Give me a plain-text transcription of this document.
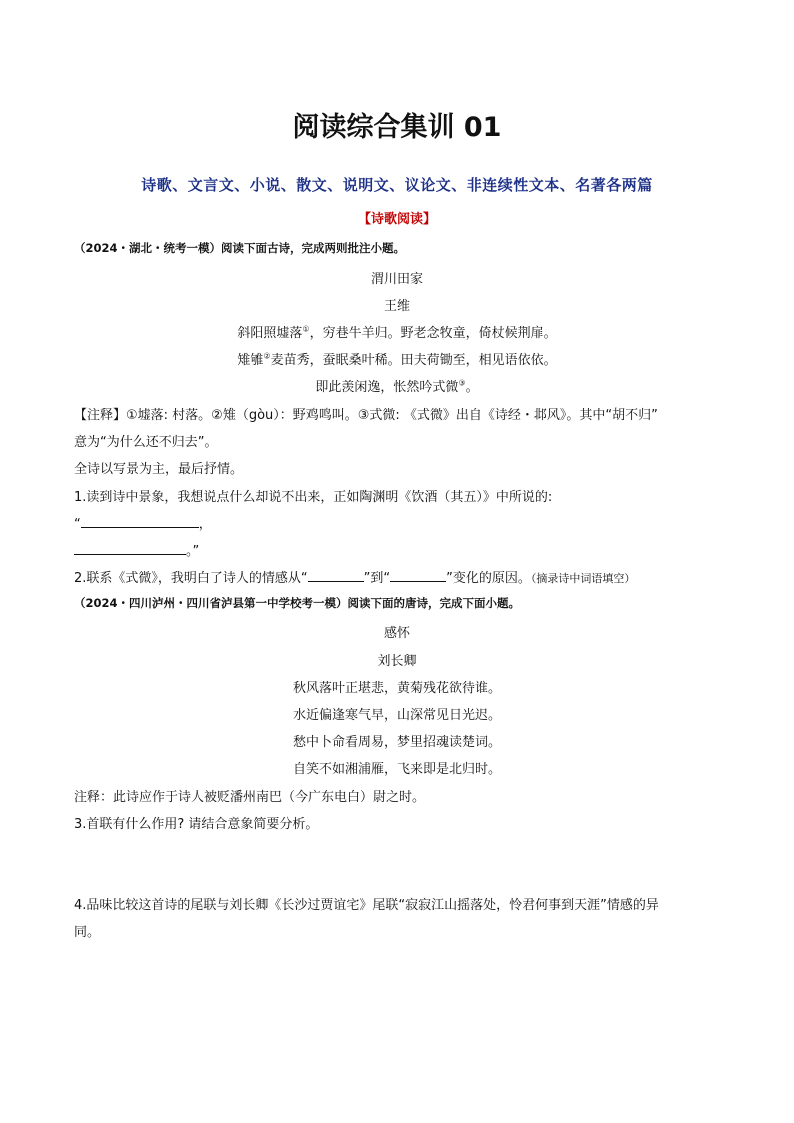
阅读综合集训 01
诗歌、文言文、小说、散文、说明文、议论文、非连续性文本、名著各两篇
【诗歌阅读】
（2024・湖北・统考一模）阅读下面古诗，完成两则批注小题。
渭川田家
王维
斜阳照墟落①，穷巷牛羊归。野老念牧童，倚杖候荆扉。
雉雊②麦苗秀，蚕眠桑叶稀。田夫荷锄至，相见语依依。
即此羡闲逸，怅然吟式微③。
【注释】①墟落: 村落。②雉（gòu）：野鸡鸣叫。③式微: 《式微》出自《诗经・邶风》。其中“胡不归”
意为“为什么还不归去”。
全诗以写景为主，最后抒情。
1.读到诗中景象，我想说点什么却说不出来，正如陶渊明《饮酒（其五）》中所说的:
“	，
。”
2.联系《式微》，我明白了诗人的情感从“	”到“	”变化的原因。（摘录诗中词语填空）
（2024・四川泸州・四川省泸县第一中学校考一模）阅读下面的唐诗，完成下面小题。
感怀
刘长卿
秋风落叶正堪悲，黄菊残花欲待谁。
水近偏逢寒气早，山深常见日光迟。
愁中卜命看周易，梦里招魂读楚词。
自笑不如湘浦雁，飞来即是北归时。
注释：此诗应作于诗人被贬潘州南巴（今广东电白）尉之时。
3.首联有什么作用? 请结合意象简要分析。
4.品味比较这首诗的尾联与刘长卿《长沙过贾谊宅》尾联“寂寂江山摇落处，怜君何事到天涯”情感的异
同。
